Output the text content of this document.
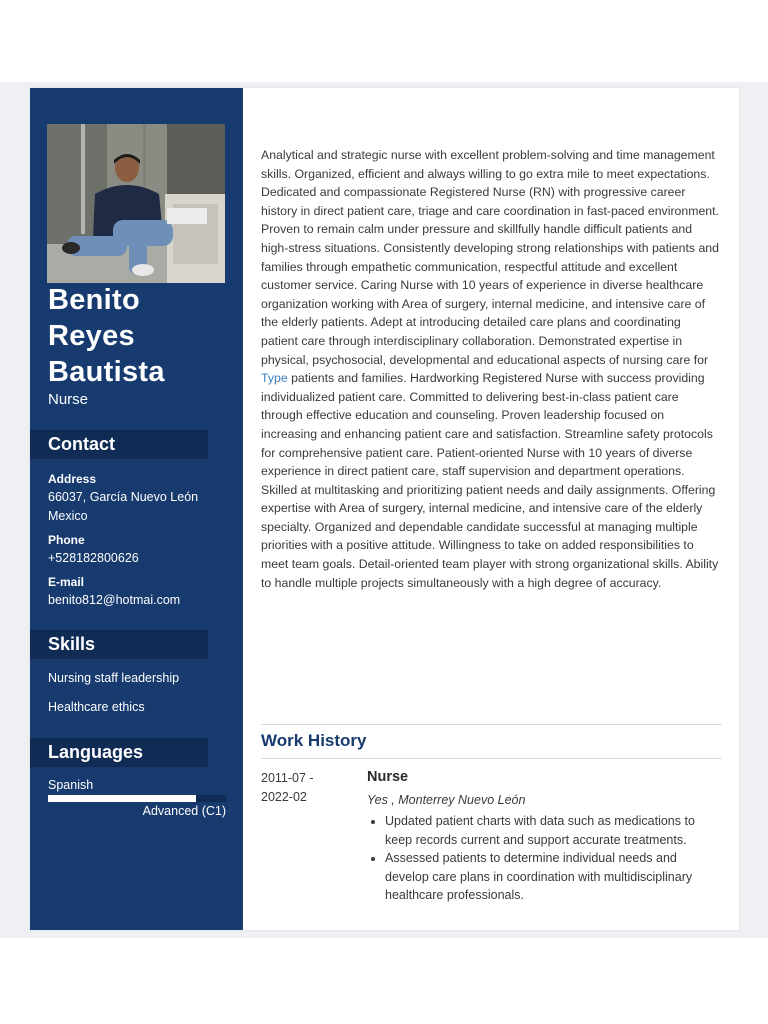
Benito
Reyes
Bautista
Nurse
Contact
Address
66037, García Nuevo León
Mexico
Phone
+528182800626
E-mail
benito812@hotmai.com
Skills
Nursing staff leadership
Healthcare ethics
Languages
Spanish
Advanced (C1)
Analytical and strategic nurse with excellent problem-solving and time management skills. Organized, efficient and always willing to go extra mile to meet expectations. Dedicated and compassionate Registered Nurse (RN) with progressive career history in direct patient care, triage and care coordination in fast-paced environment. Proven to remain calm under pressure and skillfully handle difficult patients and high-stress situations. Consistently developing strong relationships with patients and families through empathetic communication, respectful attitude and excellent customer service. Caring Nurse with 10 years of experience in diverse healthcare organization working with Area of surgery, internal medicine, and intensive care of the elderly patients. Adept at introducing detailed care plans and coordinating patient care through interdisciplinary collaboration. Demonstrated expertise in physical, psychosocial, developmental and educational aspects of nursing care for Type patients and families. Hardworking Registered Nurse with success providing individualized patient care. Committed to delivering best-in-class patient care through effective education and counseling. Proven leadership focused on increasing and enhancing patient care and satisfaction. Streamline safety protocols for comprehensive patient care. Patient-oriented Nurse with 10 years of diverse experience in direct patient care, staff supervision and department operations. Skilled at multitasking and prioritizing patient needs and daily assignments. Offering expertise with Area of surgery, internal medicine, and intensive care of the elderly specialty. Organized and dependable candidate successful at managing multiple priorities with a positive attitude. Willingness to take on added responsibilities to meet team goals. Detail-oriented team player with strong organizational skills. Ability to handle multiple projects simultaneously with a high degree of accuracy.
Work History
2011-07 -
2022-02
Nurse
Yes , Monterrey Nuevo León
• Updated patient charts with data such as medications to keep records current and support accurate treatments.
• Assessed patients to determine individual needs and develop care plans in coordination with multidisciplinary healthcare professionals.
